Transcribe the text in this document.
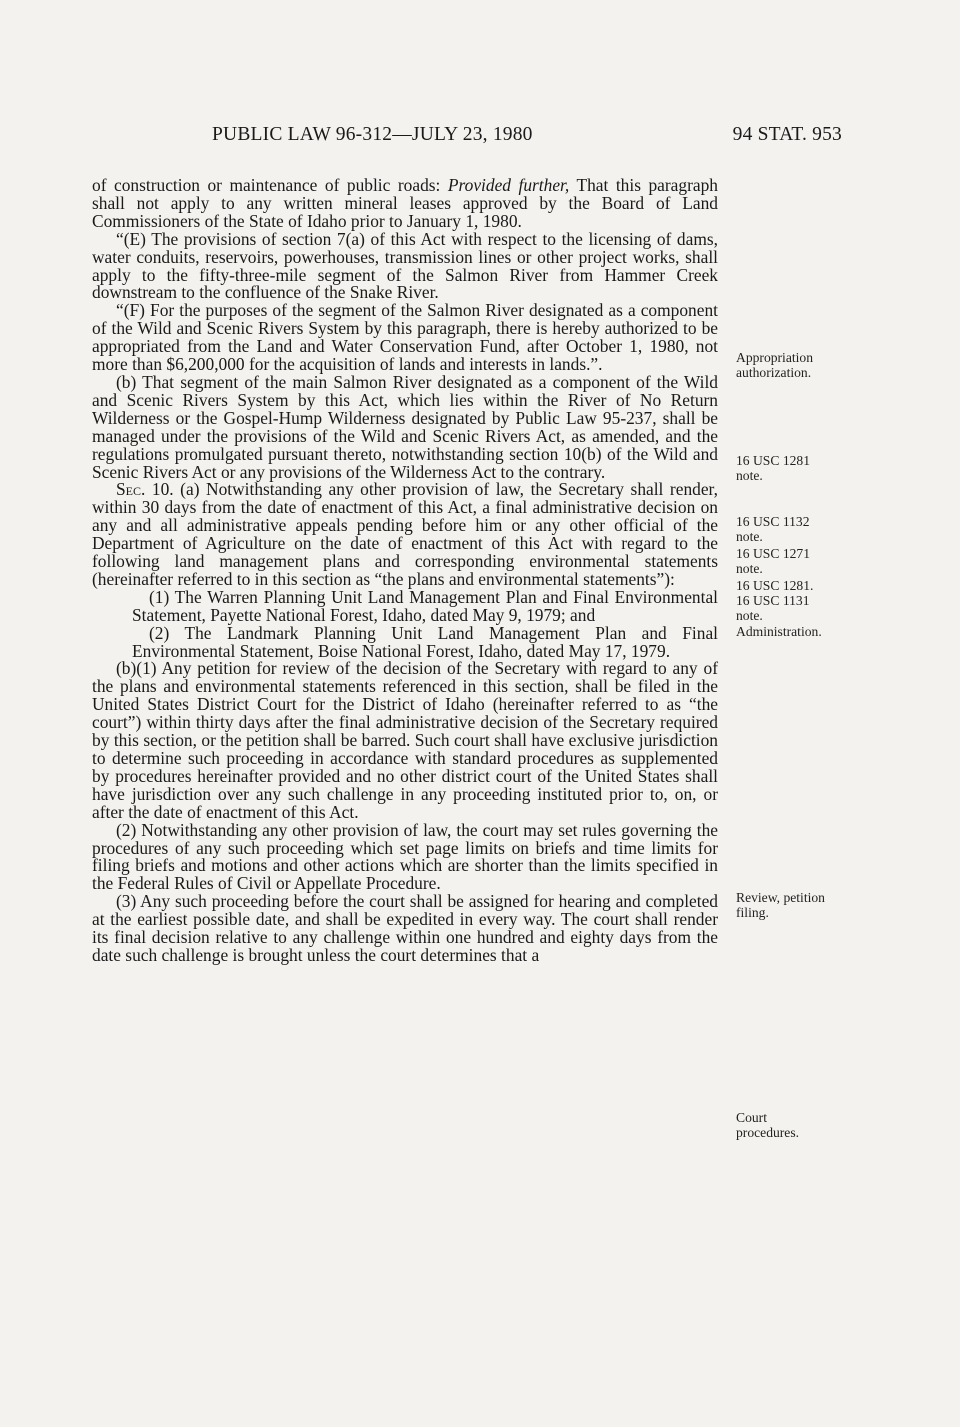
PUBLIC LAW 96-312—JULY 23, 1980	94 STAT. 953

of construction or maintenance of public roads: Provided further, That this paragraph shall not apply to any written mineral leases approved by the Board of Land Commissioners of the State of Idaho prior to January 1, 1980.

“(E) The provisions of section 7(a) of this Act with respect to the licensing of dams, water conduits, reservoirs, powerhouses, transmission lines or other project works, shall apply to the fifty-three-mile segment of the Salmon River from Hammer Creek downstream to the confluence of the Snake River.

“(F) For the purposes of the segment of the Salmon River designated as a component of the Wild and Scenic Rivers System by this paragraph, there is hereby authorized to be appropriated from the Land and Water Conservation Fund, after October 1, 1980, not more than $6,200,000 for the acquisition of lands and interests in lands.”.

(b) That segment of the main Salmon River designated as a component of the Wild and Scenic Rivers System by this Act, which lies within the River of No Return Wilderness or the Gospel-Hump Wilderness designated by Public Law 95-237, shall be managed under the provisions of the Wild and Scenic Rivers Act, as amended, and the regulations promulgated pursuant thereto, notwithstanding section 10(b) of the Wild and Scenic Rivers Act or any provisions of the Wilderness Act to the contrary.

Sec. 10. (a) Notwithstanding any other provision of law, the Secretary shall render, within 30 days from the date of enactment of this Act, a final administrative decision on any and all administrative appeals pending before him or any other official of the Department of Agriculture on the date of enactment of this Act with regard to the following land management plans and corresponding environmental statements (hereinafter referred to in this section as “the plans and environmental statements”):

(1) The Warren Planning Unit Land Management Plan and Final Environmental Statement, Payette National Forest, Idaho, dated May 9, 1979; and

(2) The Landmark Planning Unit Land Management Plan and Final Environmental Statement, Boise National Forest, Idaho, dated May 17, 1979.

(b)(1) Any petition for review of the decision of the Secretary with regard to any of the plans and environmental statements referenced in this section, shall be filed in the United States District Court for the District of Idaho (hereinafter referred to as “the court”) within thirty days after the final administrative decision of the Secretary required by this section, or the petition shall be barred. Such court shall have exclusive jurisdiction to determine such proceeding in accordance with standard procedures as supplemented by procedures hereinafter provided and no other district court of the United States shall have jurisdiction over any such challenge in any proceeding instituted prior to, on, or after the date of enactment of this Act.

(2) Notwithstanding any other provision of law, the court may set rules governing the procedures of any such proceeding which set page limits on briefs and time limits for filing briefs and motions and other actions which are shorter than the limits specified in the Federal Rules of Civil or Appellate Procedure.

(3) Any such proceeding before the court shall be assigned for hearing and completed at the earliest possible date, and shall be expedited in every way. The court shall render its final decision relative to any challenge within one hundred and eighty days from the date such challenge is brought unless the court determines that a

Appropriation
authorization.
16 USC 1281
note.
16 USC 1132
note.
16 USC 1271
note.
16 USC 1281.
16 USC 1131
note.
Administration.
Review, petition
filing.
Court
procedures.
